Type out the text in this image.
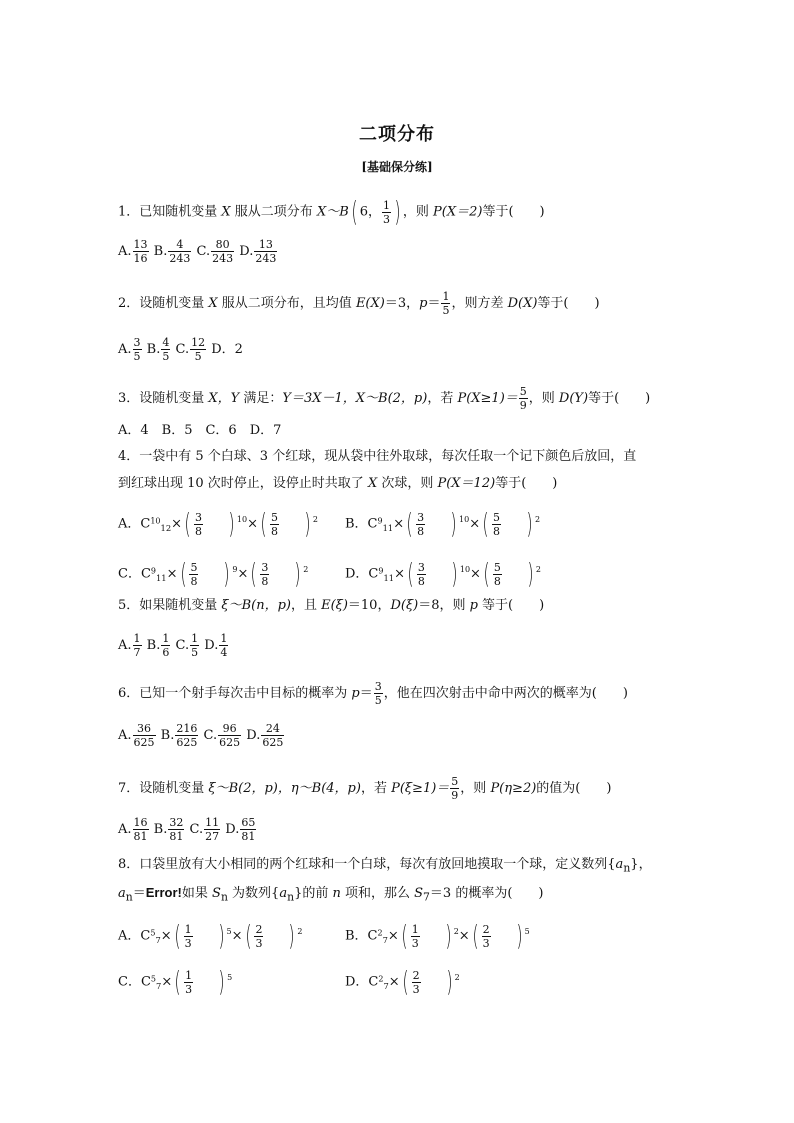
二项分布
[基础保分练]
1．已知随机变量 X 服从二项分布 X～B( 6， $\frac{1}{3}$ ) ，则 P(X＝2)等于(　　)
A. $\frac{13}{16} B$. $\frac{4}{243} C$. $\frac{80}{243} D$. $\frac{13}{243}$
2．设随机变量 X 服从二项分布，且均值 E(X)＝3，$p= \frac{1}{5}$ ，则方差 D(X)等于(　　)
A. $\frac{3}{5} B$. $\frac{4}{5} C$. $\frac{12}{5}$ D．2
3．设随机变量 X，Y 满足：Y＝3X－1，X～B(2，p)，若 $P(X\ge 1)= \frac{5}{9}$ ，则 D(Y)等于(　　)
A．4　B．5　C．6　D．7
4．一袋中有 5 个白球、3 个红球，现从袋中往外取球，每次任取一个记下颜色后放回，直
到红球出现 10 次时停止，设停止时共取了 X 次球，则 P(X＝12)等于(　　)
A．$C^{10}_{12}\times( \frac{3}{8}$ ) $^{10}\times( \frac{5}{8}$ ) $^2$ B．$C^9_{11}\times( \frac{3}{8}$ ) $^{10}\times( \frac{5}{8}$ ) $^2$
C．$C^9_{11}\times( \frac{5}{8}$ ) $^9\times( \frac{3}{8}$ ) $^2$	D．$C^9_{11}\times( \frac{3}{8}$ ) $^{10}\times( \frac{5}{8}$ ) $^2$
5．如果随机变量 ξ～B(n，p)，且 E(ξ)＝10，D(ξ)＝8，则 p 等于(　　)
A. $\frac{1}{7} B$. $\frac{1}{6} C$. $\frac{1}{5} D$. $\frac{1}{4}$
6．已知一个射手每次击中目标的概率为 $p= \frac{3}{5}$ ，他在四次射击中命中两次的概率为(　　)
A. $\frac{36}{625} B$. $\frac{216}{625} C$. $\frac{96}{625} D$. $\frac{24}{625}$
7．设随机变量 ξ～B(2，p)，η～B(4，p)，若 $P(\xi\ge 1)= \frac{5}{9}$ ，则 P(η≥2)的值为(　　)
A. $\frac{16}{81} B$. $\frac{32}{81} C$. $\frac{11}{27} D$. $\frac{65}{81}$
8．口袋里放有大小相同的两个红球和一个白球，每次有放回地摸取一个球，定义数列$\{a_n\}$，
$a_n=Error$!如果 $S_n$ 为数列$\{a_n\}$的前 n 项和，那么 $S_7=3$ 的概率为(　　)
A．$C^5_7\times( \frac{1}{3}$ ) $^5\times( \frac{2}{3}$ ) $^2$	B．$C^2_7\times( \frac{1}{3}$ ) $^2\times( \frac{2}{3}$ ) $^5$
C．$C^5_7\times( \frac{1}{3}$ ) $^5$	D．$C^2_7\times( \frac{2}{3}$ ) $^2$
